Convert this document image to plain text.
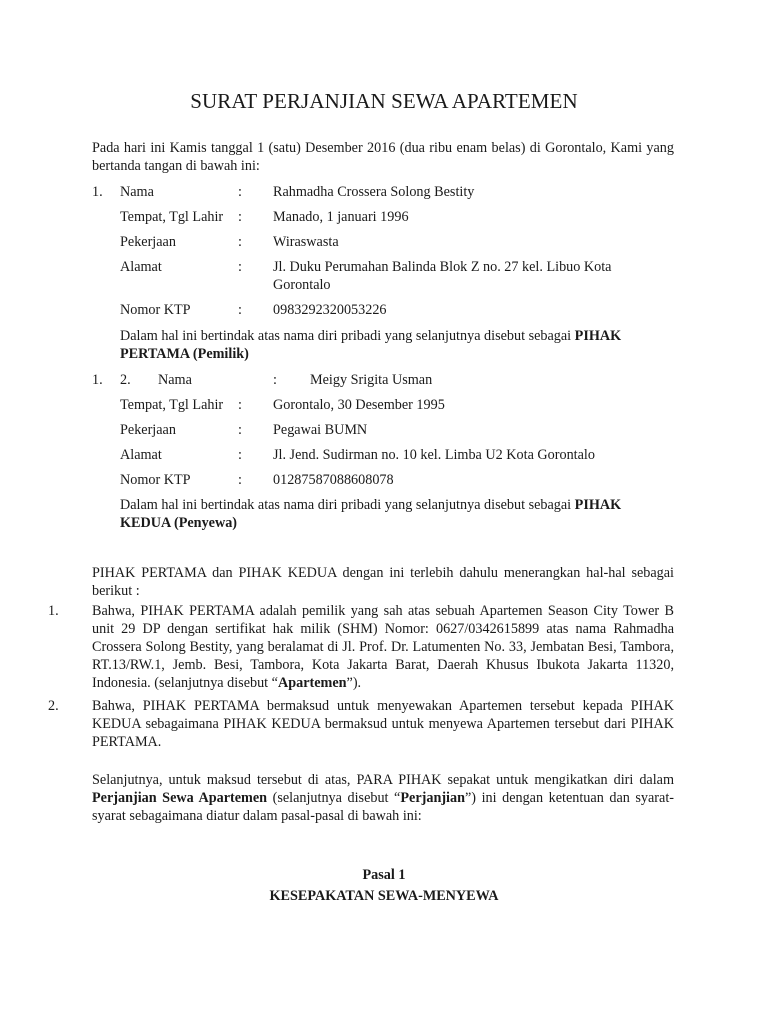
SURAT PERJANJIAN SEWA APARTEMEN
Pada hari ini Kamis tanggal 1 (satu) Desember 2016 (dua ribu enam belas) di Gorontalo, Kami yang bertanda tangan di bawah ini:
1. Nama	: Rahmadha Crossera Solong Bestity
Tempat, Tgl Lahir : Manado, 1 januari 1996
Pekerjaan	: Wiraswasta
Alamat	: Jl. Duku Perumahan Balinda Blok Z no. 27 kel. Libuo Kota
Gorontalo
Nomor KTP	: 0983292320053226
Dalam hal ini bertindak atas nama diri pribadi yang selanjutnya disebut sebagai PIHAK
PERTAMA (Pemilik)
1. 2. Nama	: Meigy Srigita Usman
Tempat, Tgl Lahir : Gorontalo, 30 Desember 1995
Pekerjaan	: Pegawai BUMN
Alamat	: Jl. Jend. Sudirman no. 10 kel. Limba U2 Kota Gorontalo
Nomor KTP	: 01287587088608078
Dalam hal ini bertindak atas nama diri pribadi yang selanjutnya disebut sebagai PIHAK
KEDUA (Penyewa)
PIHAK PERTAMA dan PIHAK KEDUA dengan ini terlebih dahulu menerangkan hal-hal sebagai berikut :
1. Bahwa, PIHAK PERTAMA adalah pemilik yang sah atas sebuah Apartemen Season City Tower B unit 29 DP dengan sertifikat hak milik (SHM) Nomor: 0627/0342615899 atas nama Rahmadha Crossera Solong Bestity, yang beralamat di Jl. Prof. Dr. Latumenten No. 33, Jembatan Besi, Tambora, RT.13/RW.1, Jemb. Besi, Tambora, Kota Jakarta Barat, Daerah Khusus Ibukota Jakarta 11320, Indonesia. (selanjutnya disebut “Apartemen”).
2. Bahwa, PIHAK PERTAMA bermaksud untuk menyewakan Apartemen tersebut kepada PIHAK KEDUA sebagaimana PIHAK KEDUA bermaksud untuk menyewa Apartemen tersebut dari PIHAK PERTAMA.
Selanjutnya, untuk maksud tersebut di atas, PARA PIHAK sepakat untuk mengikatkan diri dalam Perjanjian Sewa Apartemen (selanjutnya disebut “Perjanjian”) ini dengan ketentuan dan syarat-syarat sebagaimana diatur dalam pasal-pasal di bawah ini:
Pasal 1
KESEPAKATAN SEWA-MENYEWA
